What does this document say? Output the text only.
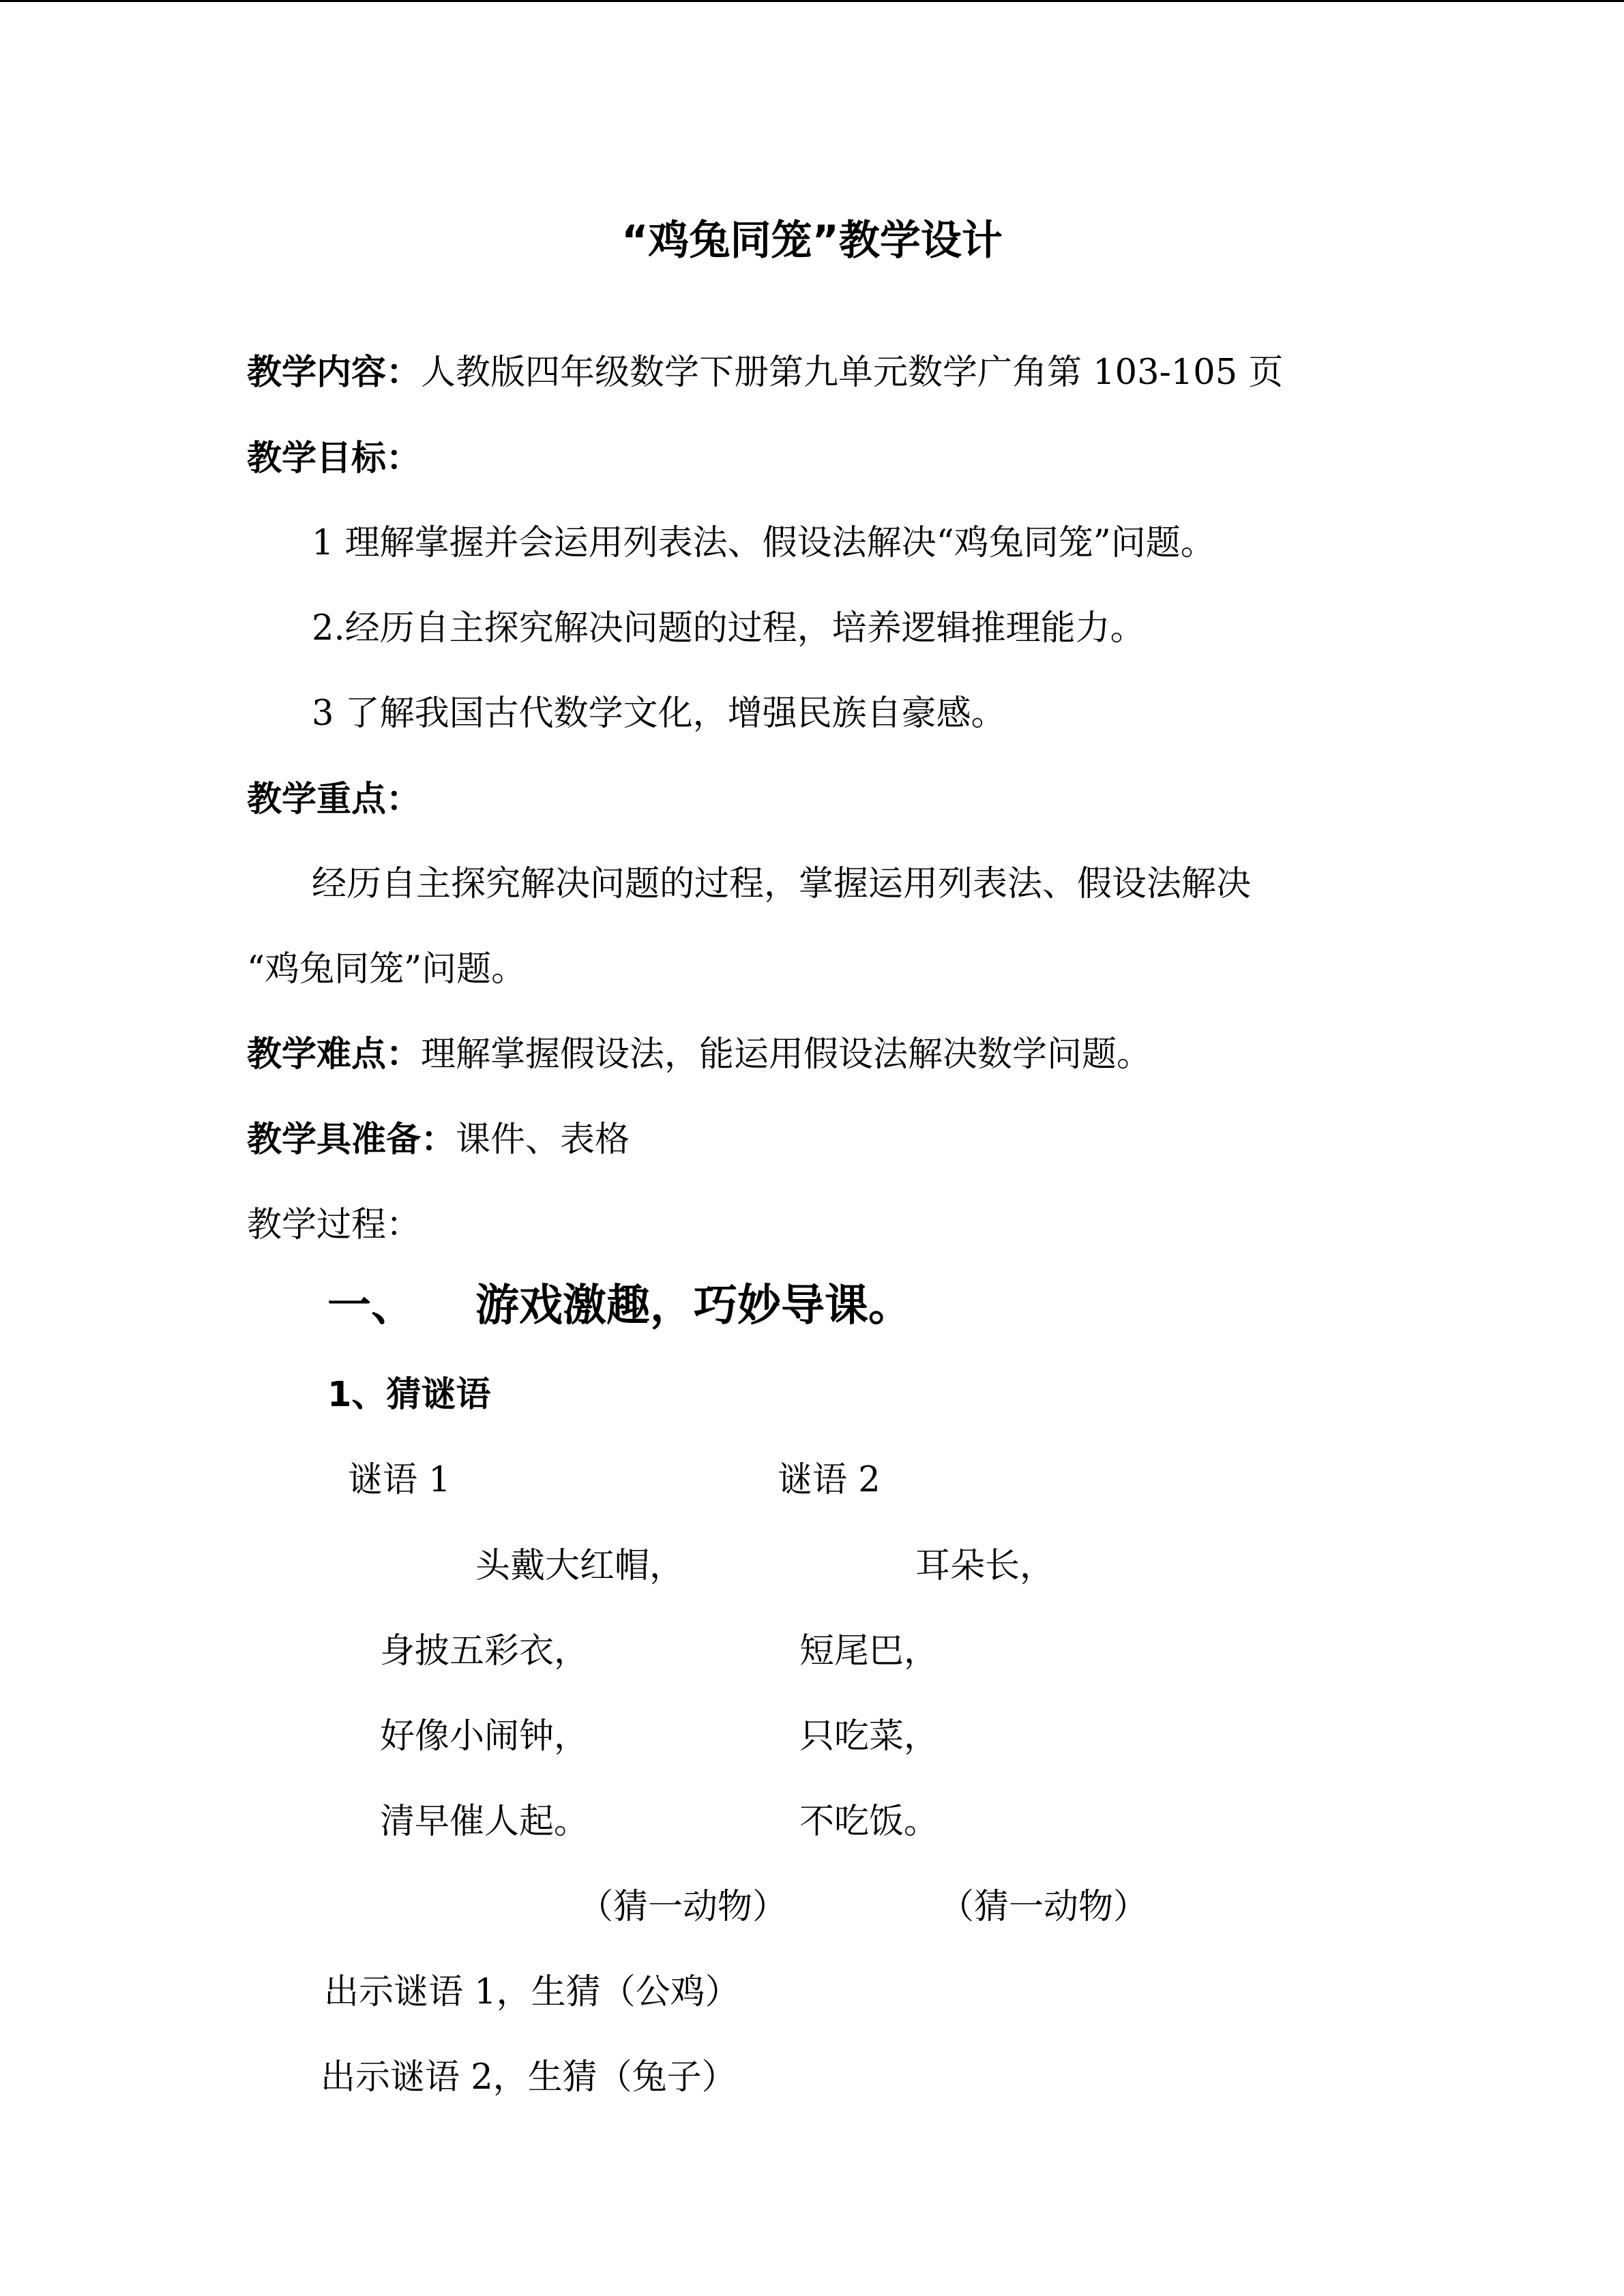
“鸡兔同笼”教学设计
教学内容：人教版四年级数学下册第九单元数学广角第 103-105 页
教学目标：
1 理解掌握并会运用列表法、假设法解决“鸡兔同笼”问题。
2.经历自主探究解决问题的过程，培养逻辑推理能力。
3 了解我国古代数学文化，增强民族自豪感。
教学重点：
经历自主探究解决问题的过程，掌握运用列表法、假设法解决
“鸡兔同笼”问题。
教学难点：理解掌握假设法，能运用假设法解决数学问题。
教学具准备：课件、表格
教学过程：
一、 游戏激趣，巧妙导课。
1、猜谜语
谜语 1	谜语 2
头戴大红帽，	耳朵长，
身披五彩衣，	短尾巴，
好像小闹钟，	只吃菜，
清早催人起。	不吃饭。
（猜一动物）	（猜一动物）
出示谜语 1，生猜（公鸡）
出示谜语 2，生猜（兔子）
